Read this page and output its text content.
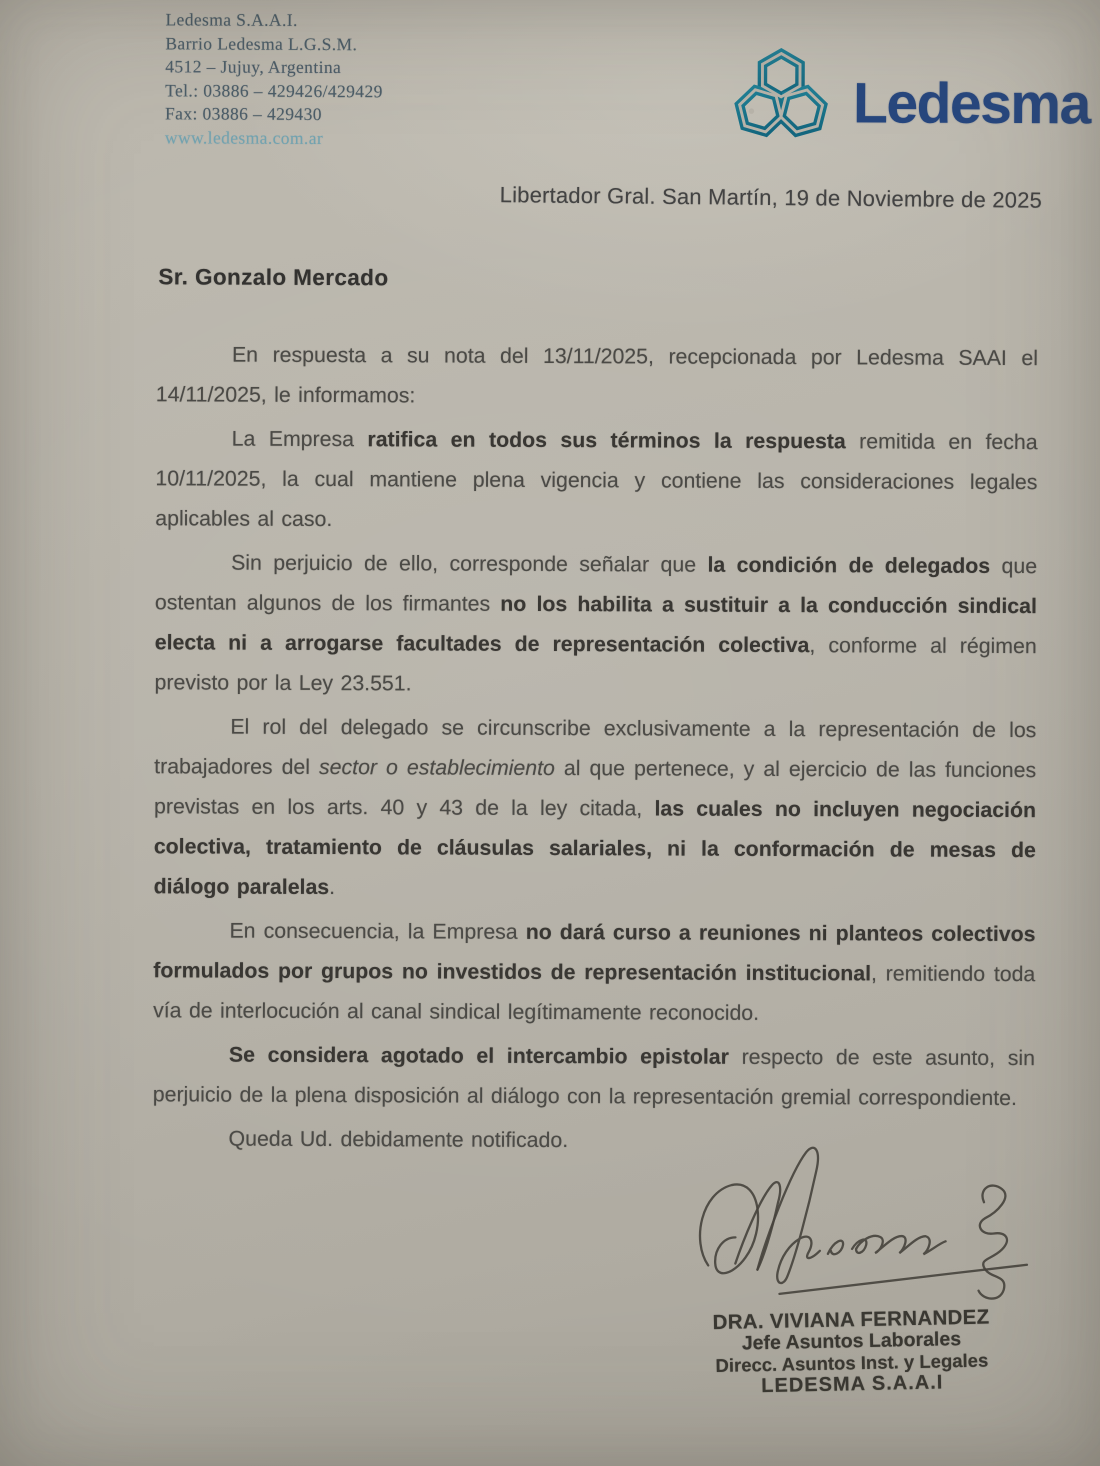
Ledesma S.A.A.I.
Barrio Ledesma L.G.S.M.
4512 – Jujuy, Argentina
Tel.: 03886 – 429426/429429
Fax: 03886 – 429430
www.ledesma.com.ar
Ledesma
Libertador Gral. San Martín, 19 de Noviembre de 2025
Sr. Gonzalo Mercado

En respuesta a su nota del 13/11/2025, recepcionada por Ledesma SAAI el 14/11/2025, le informamos:

La Empresa ratifica en todos sus términos la respuesta remitida en fecha 10/11/2025, la cual mantiene plena vigencia y contiene las consideraciones legales aplicables al caso.

Sin perjuicio de ello, corresponde señalar que la condición de delegados que ostentan algunos de los firmantes no los habilita a sustituir a la conducción sindical electa ni a arrogarse facultades de representación colectiva, conforme al régimen previsto por la Ley 23.551.

El rol del delegado se circunscribe exclusivamente a la representación de los trabajadores del sector o establecimiento al que pertenece, y al ejercicio de las funciones previstas en los arts. 40 y 43 de la ley citada, las cuales no incluyen negociación colectiva, tratamiento de cláusulas salariales, ni la conformación de mesas de diálogo paralelas.

En consecuencia, la Empresa no dará curso a reuniones ni planteos colectivos formulados por grupos no investidos de representación institucional, remitiendo toda vía de interlocución al canal sindical legítimamente reconocido.

Se considera agotado el intercambio epistolar respecto de este asunto, sin perjuicio de la plena disposición al diálogo con la representación gremial correspondiente.

Queda Ud. debidamente notificado.

DRA. VIVIANA FERNANDEZ
Jefe Asuntos Laborales
Direcc. Asuntos Inst. y Legales
LEDESMA S.A.A.I
